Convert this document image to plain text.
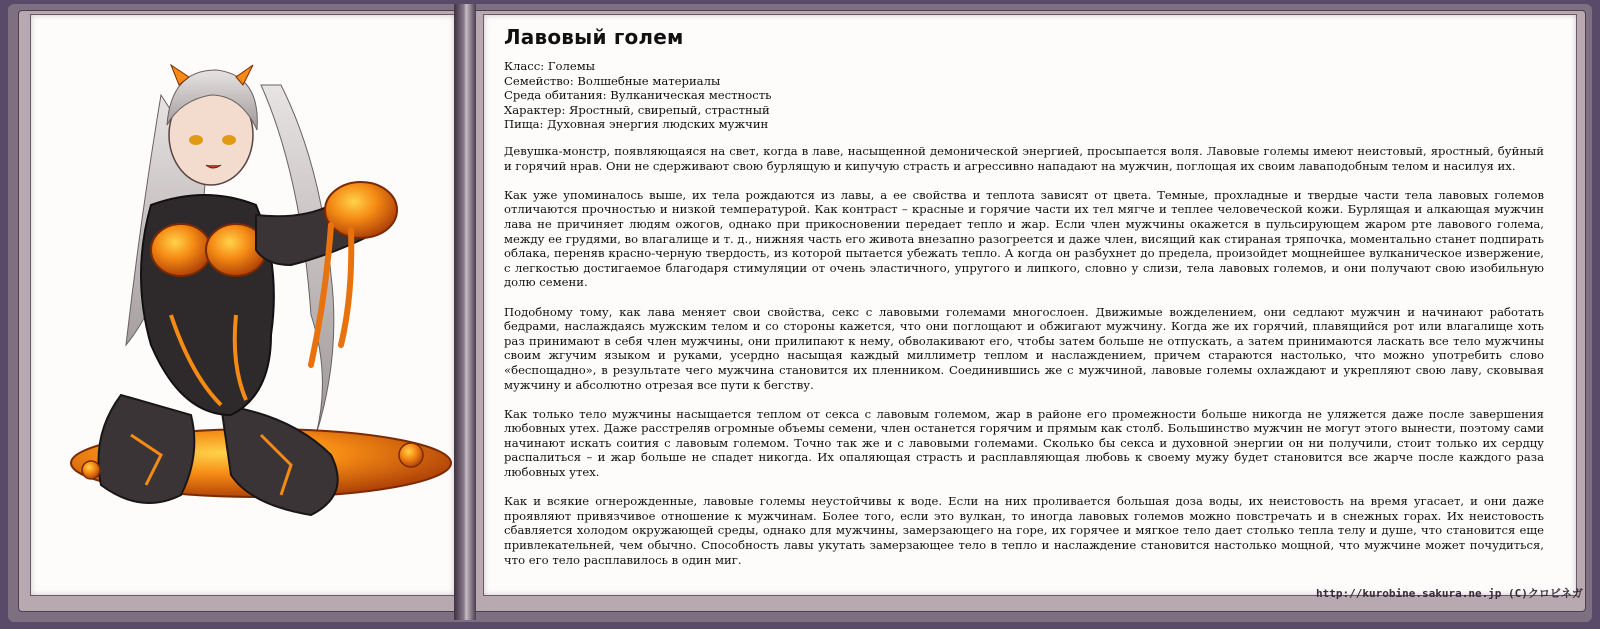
Лавовый голем
Класс: Големы
Семейство: Волшебные материалы
Среда обитания: Вулканическая местность
Характер: Яростный, свирепый, страстный
Пища: Духовная энергия людских мужчин

Девушка-монстр, появляющаяся на свет, когда в лаве, насыщенной демонической энергией, просыпается воля. Лавовые големы имеют неистовый, яростный, буйный и горячий нрав. Они не сдерживают свою бурлящую и кипучую страсть и агрессивно нападают на мужчин, поглощая их своим лаваподобным телом и насилуя их.

Как уже упоминалось выше, их тела рождаются из лавы, а ее свойства и теплота зависят от цвета. Темные, прохладные и твердые части тела лавовых големов отличаются прочностью и низкой температурой. Как контраст – красные и горячие части их тел мягче и теплее человеческой кожи. Бурлящая и алкающая мужчин лава не причиняет людям ожогов, однако при прикосновении передает тепло и жар. Если член мужчины окажется в пульсирующем жаром рте лавового голема, между ее грудями, во влагалище и т. д., нижняя часть его живота внезапно разогреется и даже член, висящий как стираная тряпочка, моментально станет подпирать облака, переняв красно-черную твердость, из которой пытается убежать тепло. А когда он разбухнет до предела, произойдет мощнейшее вулканическое извержение, с легкостью достигаемое благодаря стимуляции от очень эластичного, упругого и липкого, словно у слизи, тела лавовых големов, и они получают свою изобильную долю семени.

Подобному тому, как лава меняет свои свойства, секс с лавовыми големами многослоен. Движимые вожделением, они седлают мужчин и начинают работать бедрами, наслаждаясь мужским телом и со стороны кажется, что они поглощают и обжигают мужчину. Когда же их горячий, плавящийся рот или влагалище хоть раз принимают в себя член мужчины, они прилипают к нему, обволакивают его, чтобы затем больше не отпускать, а затем принимаются ласкать все тело мужчины своим жгучим языком и руками, усердно насыщая каждый миллиметр теплом и наслаждением, причем стараются настолько, что можно употребить слово «беспощадно», в результате чего мужчина становится их пленником. Соединившись же с мужчиной, лавовые големы охлаждают и укрепляют свою лаву, сковывая мужчину и абсолютно отрезая все пути к бегству.

Как только тело мужчины насыщается теплом от секса с лавовым големом, жар в районе его промежности больше никогда не уляжется даже после завершения любовных утех. Даже расстреляв огромные объемы семени, член останется горячим и прямым как столб. Большинство мужчин не могут этого вынести, поэтому сами начинают искать соития с лавовым големом. Точно так же и с лавовыми големами. Сколько бы секса и духовной энергии он ни получили, стоит только их сердцу распалиться – и жар больше не спадет никогда. Их опаляющая страсть и расплавляющая любовь к своему мужу будет становится все жарче после каждого раза любовных утех.

Как и всякие огнерожденные, лавовые големы неустойчивы к воде. Если на них проливается большая доза воды, их неистовость на время угасает, и они даже проявляют привязчивое отношение к мужчинам. Более того, если это вулкан, то иногда лавовых големов можно повстречать и в снежных горах. Их неистовость сбавляется холодом окружающей среды, однако для мужчины, замерзающего на горе, их горячее и мягкое тело дает столько тепла телу и душе, что становится еще привлекательней, чем обычно. Способность лавы укутать замерзающее тело в тепло и наслаждение становится настолько мощной, что мужчине может почудиться, что его тело расплавилось в один миг.

http://kurobine.sakura.ne.jp (C)クロビネガ
